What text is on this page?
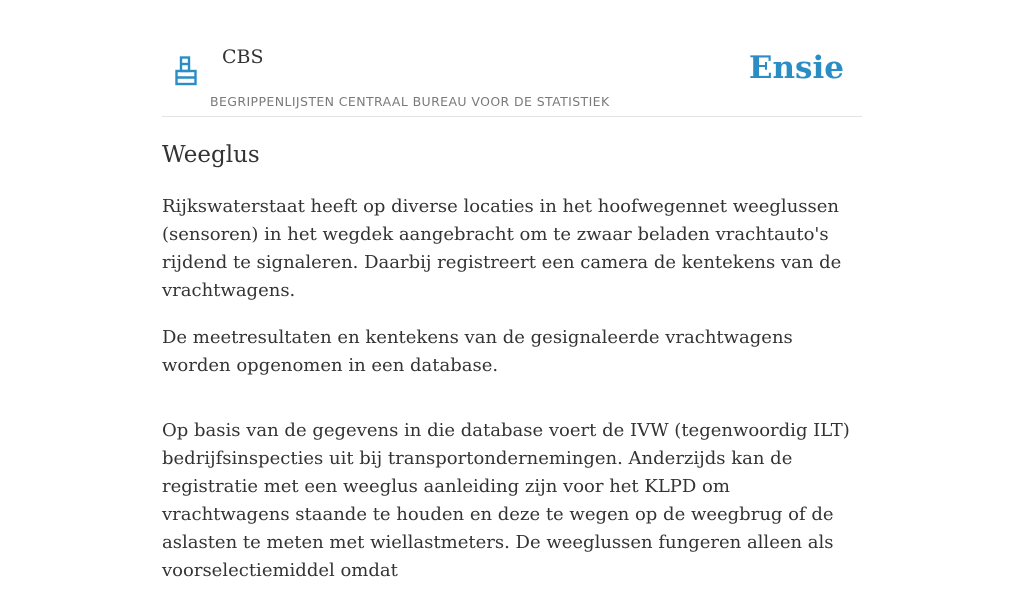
CBS
BEGRIPPENLIJSTEN CENTRAAL BUREAU VOOR DE STATISTIEK
Ensie
Weeglus

Rijkswaterstaat heeft op diverse locaties in het hoofwegennet weeglussen (sensoren) in het wegdek aangebracht om te zwaar beladen vrachtauto's rijdend te signaleren. Daarbij registreert een camera de kentekens van de vrachtwagens.

De meetresultaten en kentekens van de gesignaleerde vrachtwagens worden opgenomen in een database.

Op basis van de gegevens in die database voert de IVW (tegenwoordig ILT) bedrijfsinspecties uit bij transportondernemingen. Anderzijds kan de registratie met een weeglus aanleiding zijn voor het KLPD om vrachtwagens staande te houden en deze te wegen op de weegbrug of de aslasten te meten met wiellastmeters. De weeglussen fungeren alleen als voorselectiemiddel omdat
